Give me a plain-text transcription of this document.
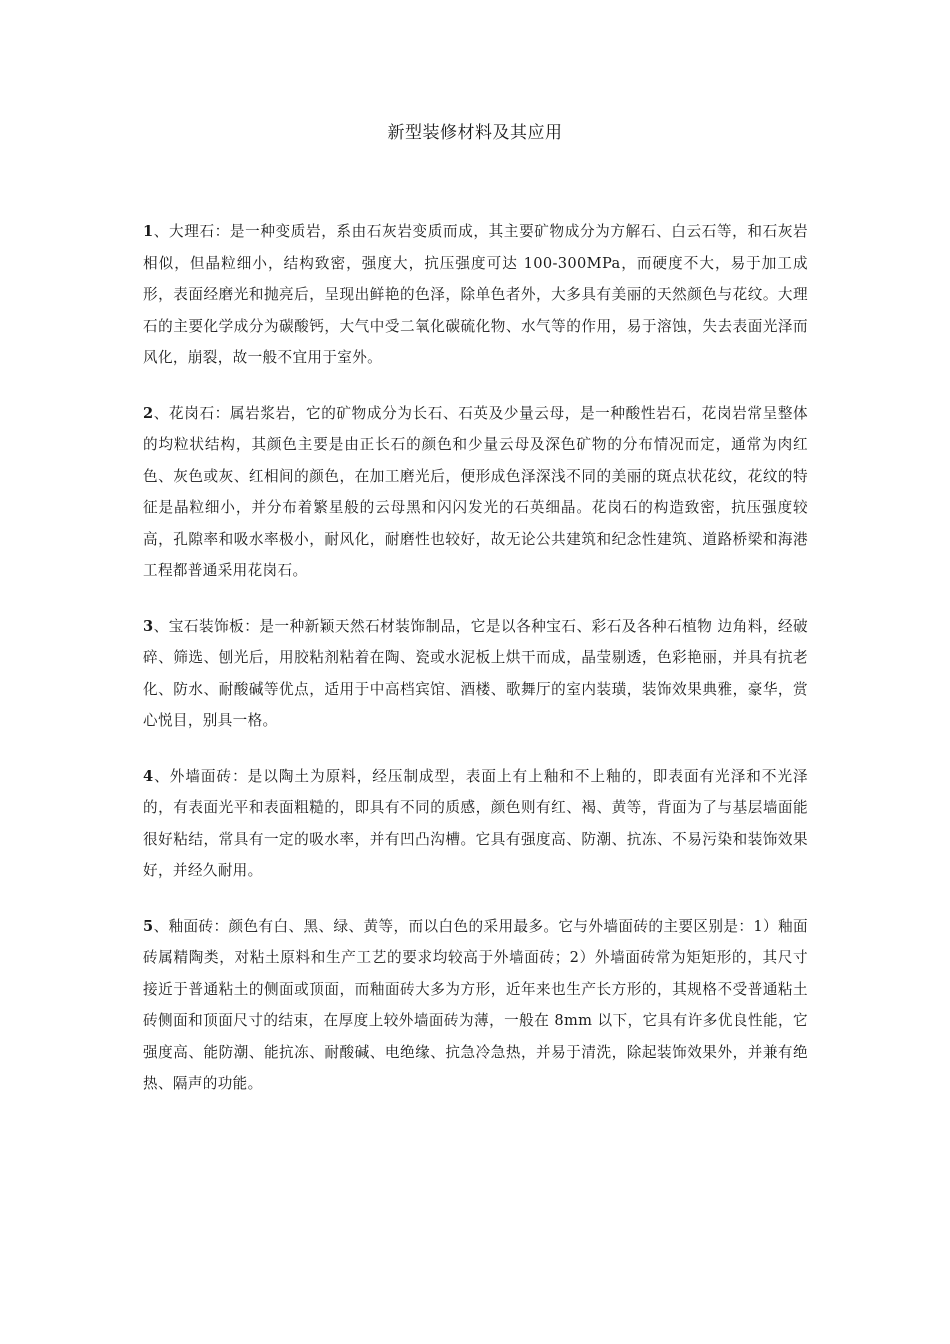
新型装修材料及其应用

1、大理石：是一种变质岩，系由石灰岩变质而成，其主要矿物成分为方解石、白云石等，和石灰岩相似，但晶粒细小，结构致密，强度大，抗压强度可达 100-300MPa，而硬度不大，易于加工成形，表面经磨光和抛亮后，呈现出鲜艳的色泽，除单色者外，大多具有美丽的天然颜色与花纹。大理石的主要化学成分为碳酸钙，大气中受二氧化碳硫化物、水气等的作用，易于溶蚀，失去表面光泽而风化，崩裂，故一般不宜用于室外。

2、花岗石：属岩浆岩，它的矿物成分为长石、石英及少量云母，是一种酸性岩石，花岗岩常呈整体的均粒状结构，其颜色主要是由正长石的颜色和少量云母及深色矿物的分布情况而定，通常为肉红色、灰色或灰、红相间的颜色，在加工磨光后，便形成色泽深浅不同的美丽的斑点状花纹，花纹的特征是晶粒细小，并分布着繁星般的云母黑和闪闪发光的石英细晶。花岗石的构造致密，抗压强度较高，孔隙率和吸水率极小，耐风化，耐磨性也较好，故无论公共建筑和纪念性建筑、道路桥梁和海港工程都普通采用花岗石。

3、宝石装饰板：是一种新颖天然石材装饰制品，它是以各种宝石、彩石及各种石植物 边角料，经破碎、筛选、刨光后，用胶粘剂粘着在陶、瓷或水泥板上烘干而成，晶莹剔透，色彩艳丽，并具有抗老化、防水、耐酸碱等优点，适用于中高档宾馆、酒楼、歌舞厅的室内装璜，装饰效果典雅，豪华，赏心悦目，别具一格。

4、外墙面砖：是以陶土为原料，经压制成型，表面上有上釉和不上釉的，即表面有光泽和不光泽的，有表面光平和表面粗糙的，即具有不同的质感，颜色则有红、褐、黄等，背面为了与基层墙面能很好粘结，常具有一定的吸水率，并有凹凸沟槽。它具有强度高、防潮、抗冻、不易污染和装饰效果好，并经久耐用。

5、釉面砖：颜色有白、黑、绿、黄等，而以白色的采用最多。它与外墙面砖的主要区别是：1）釉面砖属精陶类，对粘土原料和生产工艺的要求均较高于外墙面砖；2）外墙面砖常为矩矩形的，其尺寸接近于普通粘土的侧面或顶面，而釉面砖大多为方形，近年来也生产长方形的，其规格不受普通粘土砖侧面和顶面尺寸的结束，在厚度上较外墙面砖为薄，一般在 8mm 以下，它具有许多优良性能，它强度高、能防潮、能抗冻、耐酸碱、电绝缘、抗急冷急热，并易于清洗，除起装饰效果外，并兼有绝热、隔声的功能。
